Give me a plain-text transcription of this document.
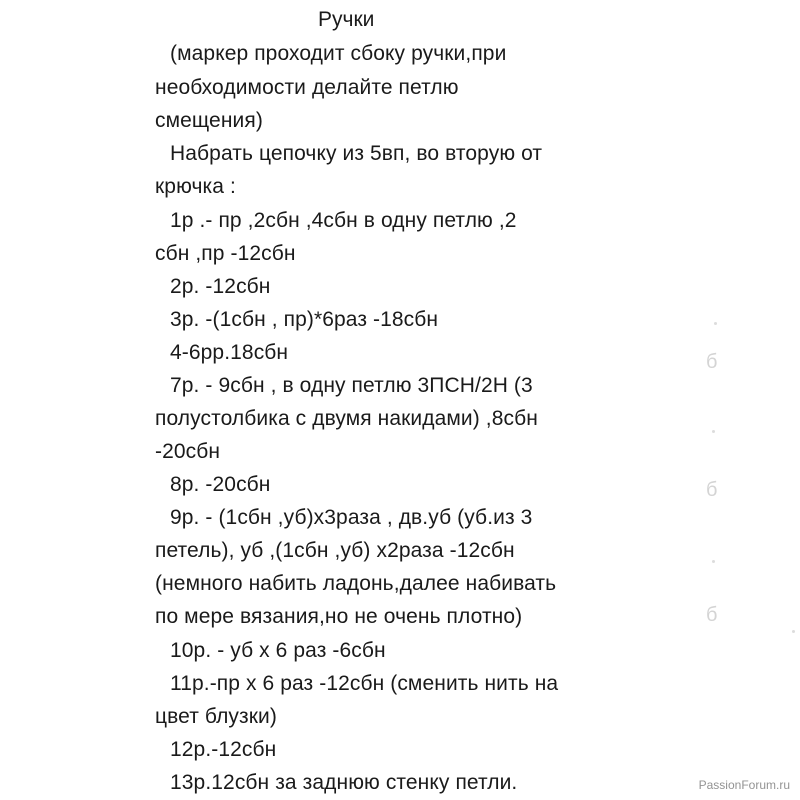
Ручки
(маркер проходит сбоку ручки,при
необходимости делайте петлю
смещения)
Набрать цепочку из 5вп, во вторую от
крючка :
1р .- пр ,2сбн ,4сбн в одну петлю ,2
сбн ,пр -12сбн
2р. -12сбн
3р. -(1сбн , пр)*6раз -18сбн
4-6рр.18сбн
7р. - 9сбн , в одну петлю 3ПСН/2Н (3
полустолбика с двумя накидами) ,8сбн
-20сбн
8р. -20сбн
9р. - (1сбн ,уб)х3раза , дв.уб (уб.из 3
петель), уб ,(1сбн ,уб) х2раза -12сбн
(немного набить ладонь,далее набивать
по мере вязания,но не очень плотно)
10р. - уб х 6 раз -6сбн
11р.-пр х 6 раз -12сбн (сменить нить на
цвет блузки)
12р.-12сбн
13р.12сбн за заднюю стенку петли.
б
б
б
PassionForum.ru
